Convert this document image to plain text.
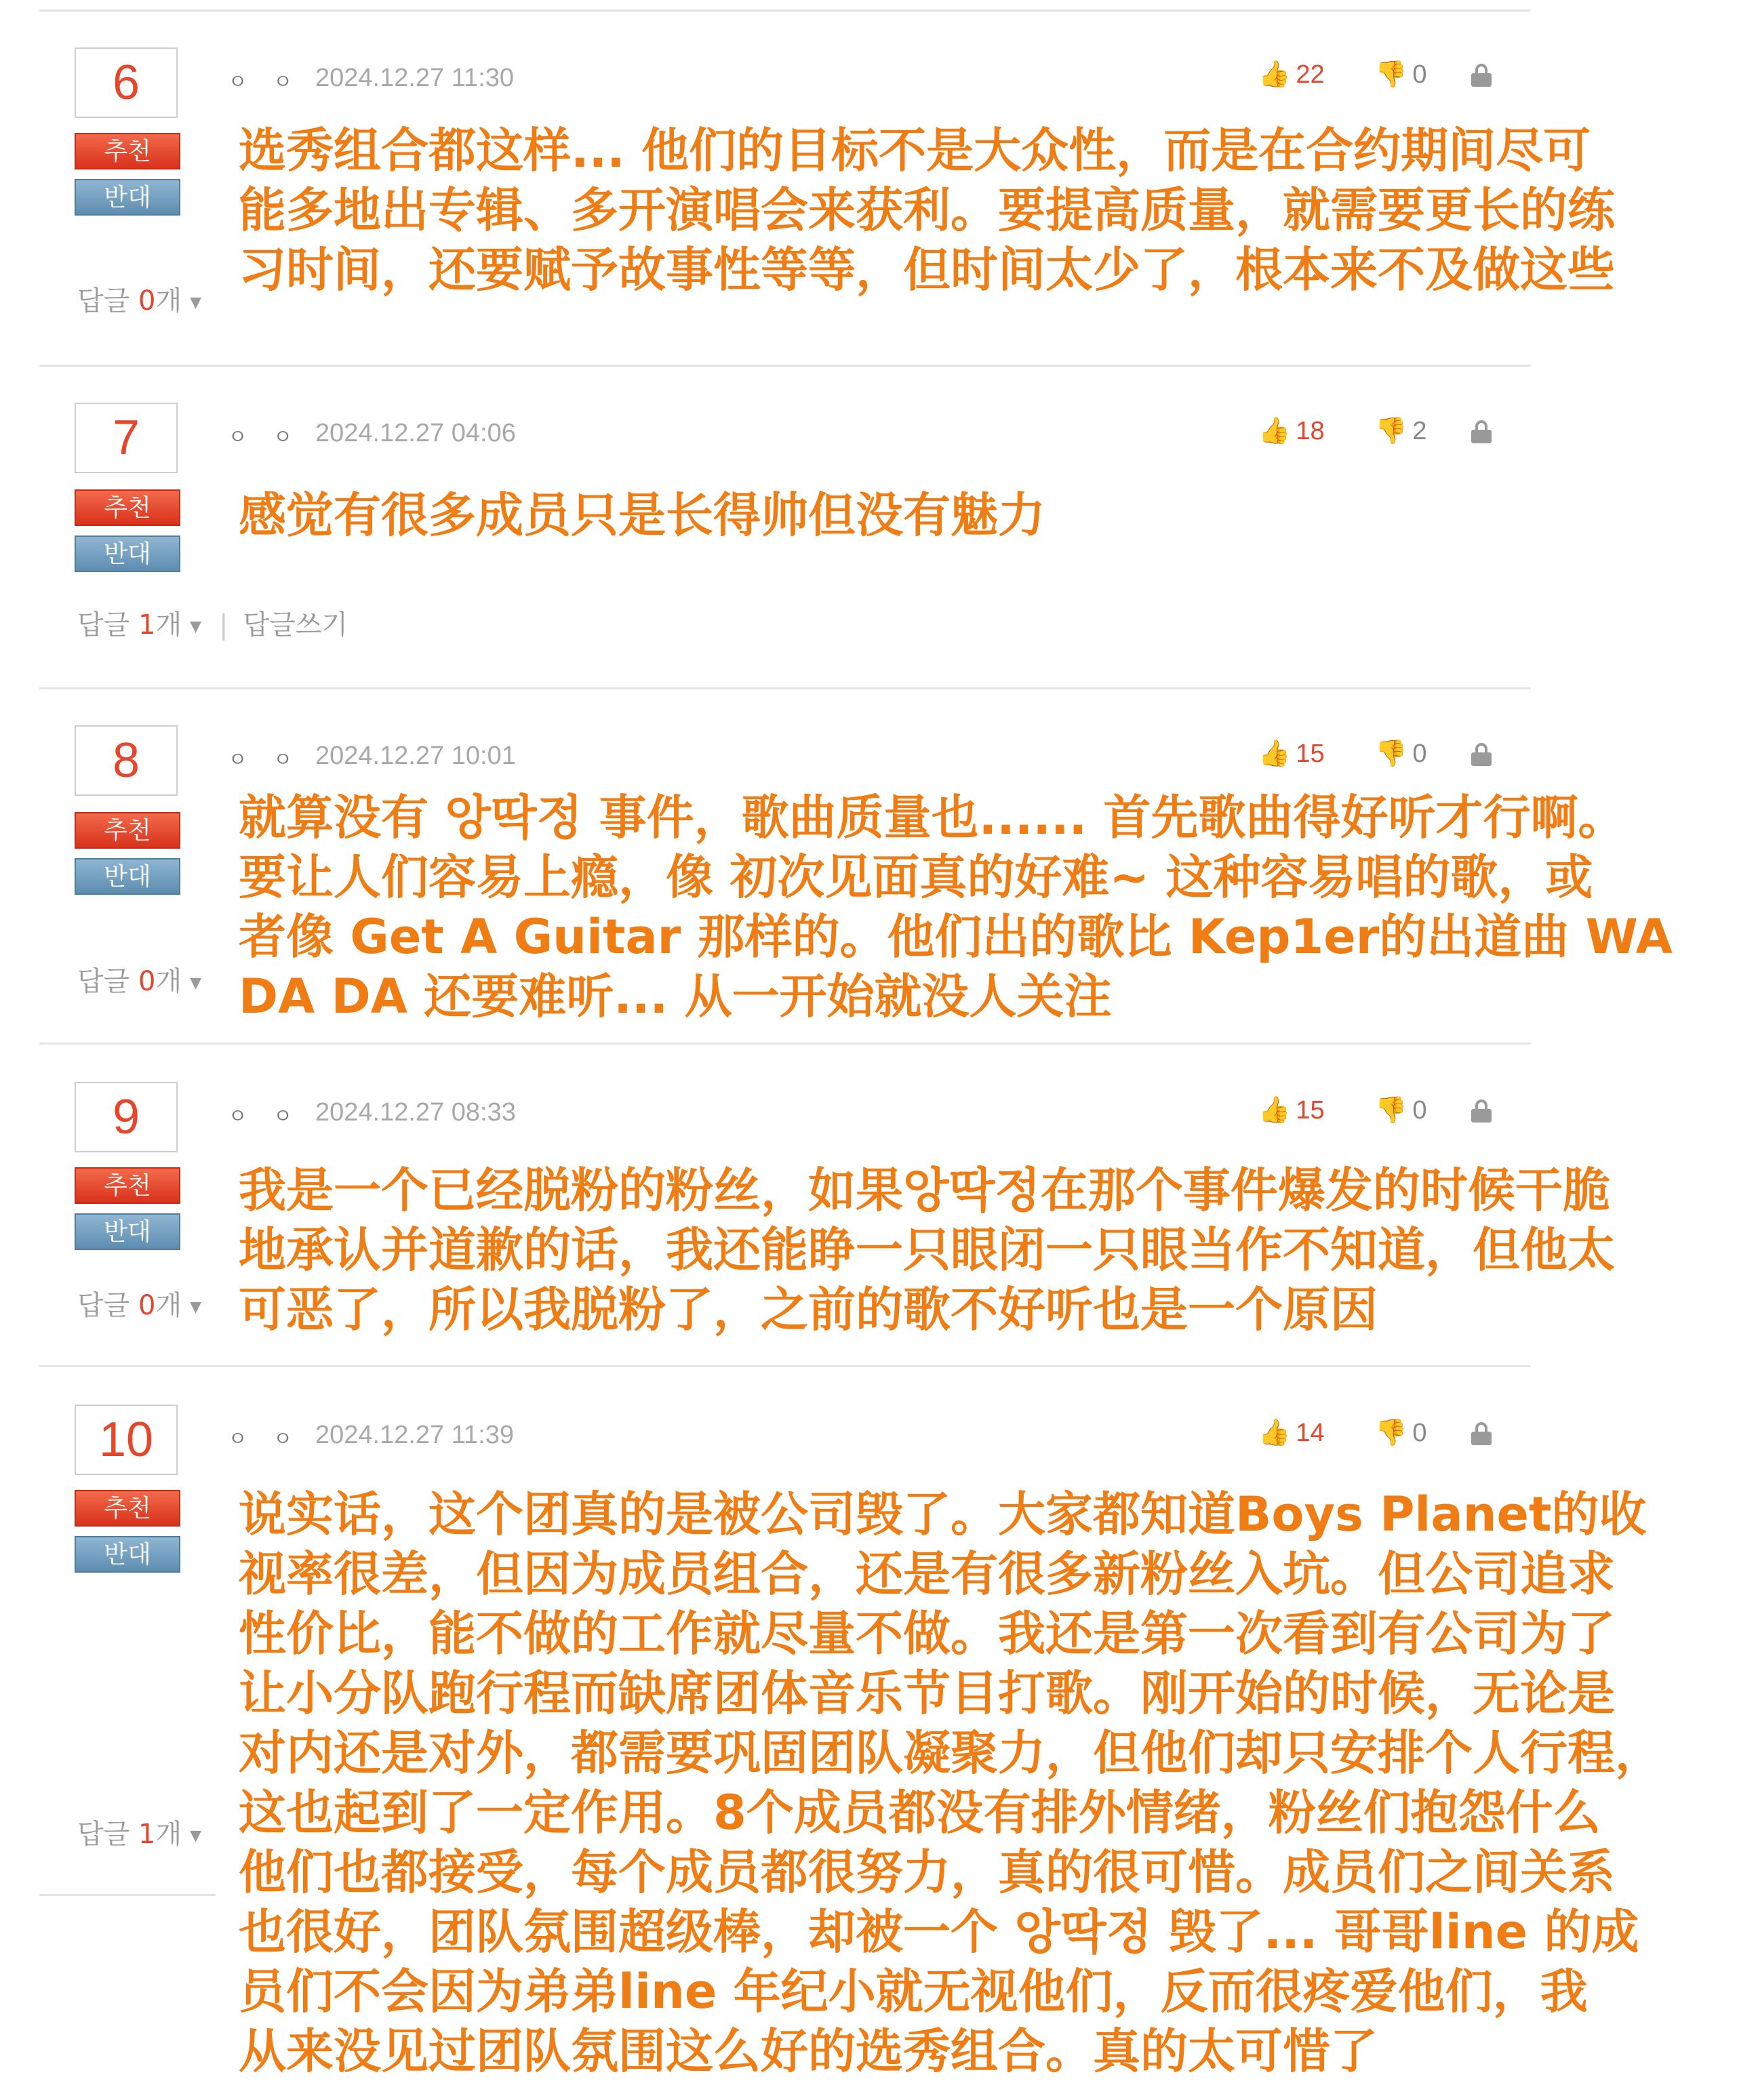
6
추천
반대
답글 0개 ▼
ㅇ ㅇ 2024.12.27 11:30	👍 22 👎 0
选秀组合都这样... 他们的目标不是大众性，而是在合约期间尽可
能多地出专辑、多开演唱会来获利。要提高质量，就需要更长的练
习时间，还要赋予故事性等等，但时间太少了，根本来不及做这些
7
추천
반대
답글 1개 ▼ | 답글쓰기
ㅇ ㅇ 2024.12.27 04:06	👍 18 👎 2
感觉有很多成员只是长得帅但没有魅力
8
추천
반대
답글 0개 ▼
ㅇ ㅇ 2024.12.27 10:01	👍 15 👎 0
就算没有 앙딱정 事件，歌曲质量也...... 首先歌曲得好听才行啊。
要让人们容易上瘾，像 初次见面真的好难~ 这种容易唱的歌，或
者像 Get A Guitar 那样的。他们出的歌比 Kep1er的出道曲 WA
DA DA 还要难听... 从一开始就没人关注
9
추천
반대
답글 0개 ▼
ㅇ ㅇ 2024.12.27 08:33	👍 15 👎 0
我是一个已经脱粉的粉丝，如果앙딱정在那个事件爆发的时候干脆
地承认并道歉的话，我还能睁一只眼闭一只眼当作不知道，但他太
可恶了，所以我脱粉了，之前的歌不好听也是一个原因
10
추천
반대
답글 1개 ▼
ㅇ ㅇ 2024.12.27 11:39	👍 14 👎 0
说实话，这个团真的是被公司毁了。大家都知道Boys Planet的收
视率很差，但因为成员组合，还是有很多新粉丝入坑。但公司追求
性价比，能不做的工作就尽量不做。我还是第一次看到有公司为了
让小分队跑行程而缺席团体音乐节目打歌。刚开始的时候，无论是
对内还是对外，都需要巩固团队凝聚力，但他们却只安排个人行程，
这也起到了一定作用。8个成员都没有排外情绪，粉丝们抱怨什么
他们也都接受，每个成员都很努力，真的很可惜。成员们之间关系
也很好，团队氛围超级棒，却被一个 앙딱정 毁了... 哥哥line 的成
员们不会因为弟弟line 年纪小就无视他们，反而很疼爱他们，我
从来没见过团队氛围这么好的选秀组合。真的太可惜了
